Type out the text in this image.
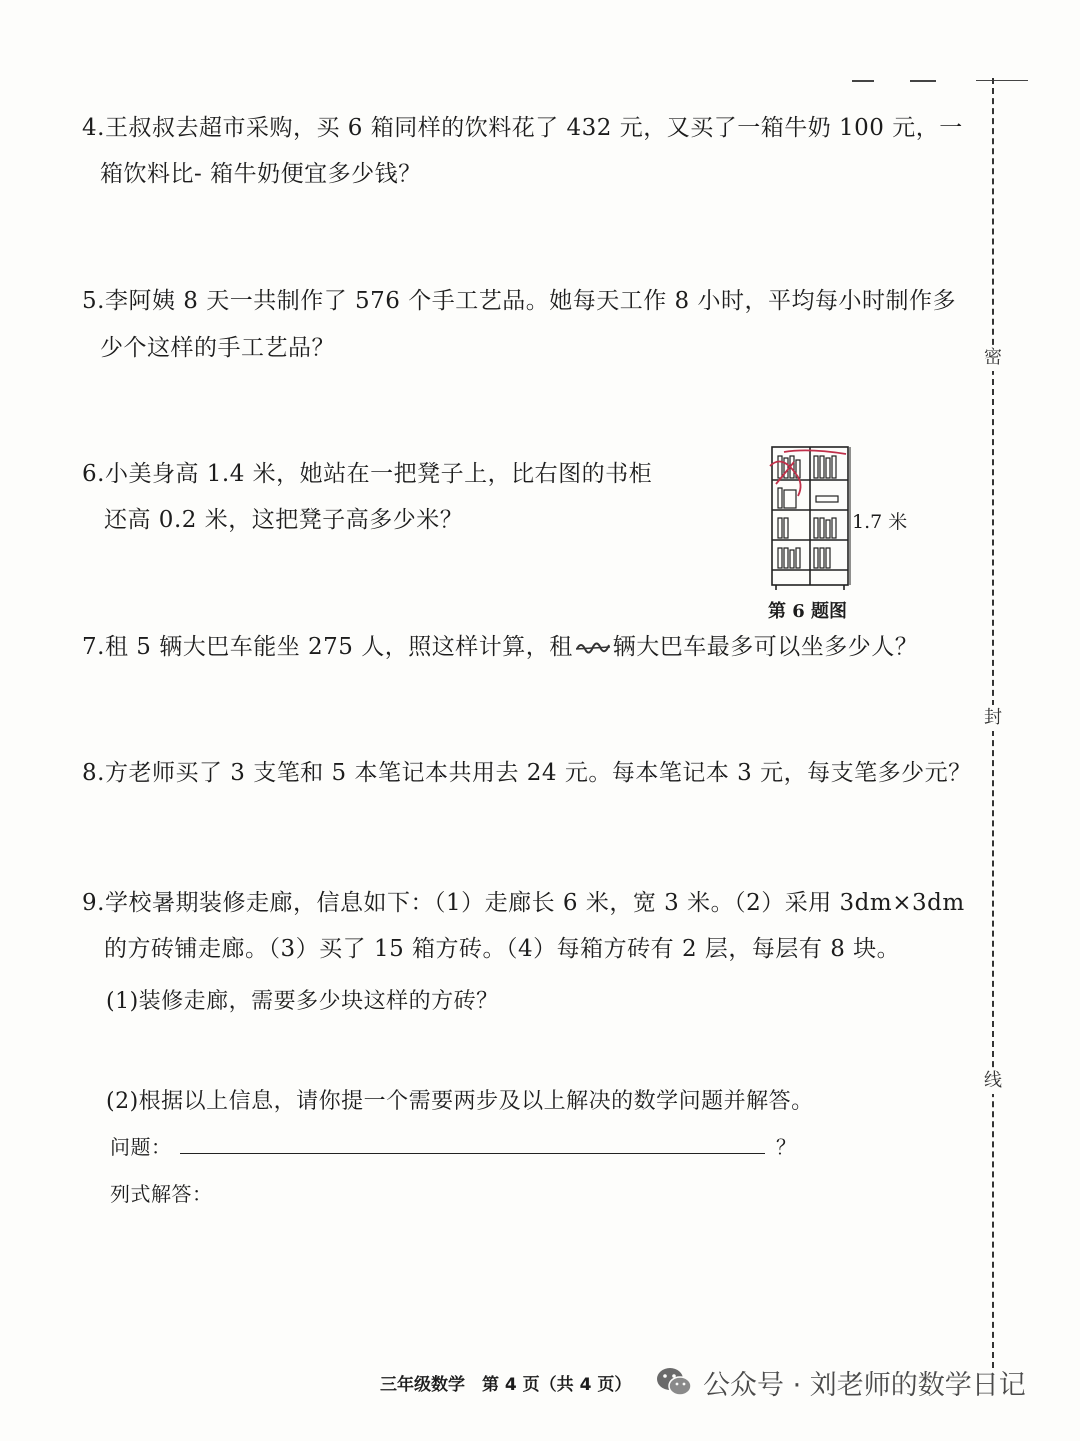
密
封
线
4.王叔叔去超市采购，买 6 箱同样的饮料花了 432 元，又买了一箱牛奶 100 元，一
箱饮料比- 箱牛奶便宜多少钱？
5.李阿姨 8 天一共制作了 576 个手工艺品。她每天工作 8 小时，平均每小时制作多
少个这样的手工艺品？
6.小美身高 1.4 米，她站在一把凳子上，比右图的书柜
还高 0.2 米，这把凳子高多少米？	1.7 米
第 6 题图
7.租 5 辆大巴车能坐 275 人，照这样计算，租 辆大巴车最多可以坐多少人？
8.方老师买了 3 支笔和 5 本笔记本共用去 24 元。每本笔记本 3 元，每支笔多少元？
9.学校暑期装修走廊，信息如下：（1）走廊长 6 米，宽 3 米。（2）采用 3dm×3dm
的方砖铺走廊。（3）买了 15 箱方砖。（4）每箱方砖有 2 层，每层有 8 块。
(1)装修走廊，需要多少块这样的方砖？
(2)根据以上信息，请你提一个需要两步及以上解决的数学问题并解答。
问题：	？
列式解答：
三年级数学　第 4 页（共 4 页）	公众号 · 刘老师的数学日记
